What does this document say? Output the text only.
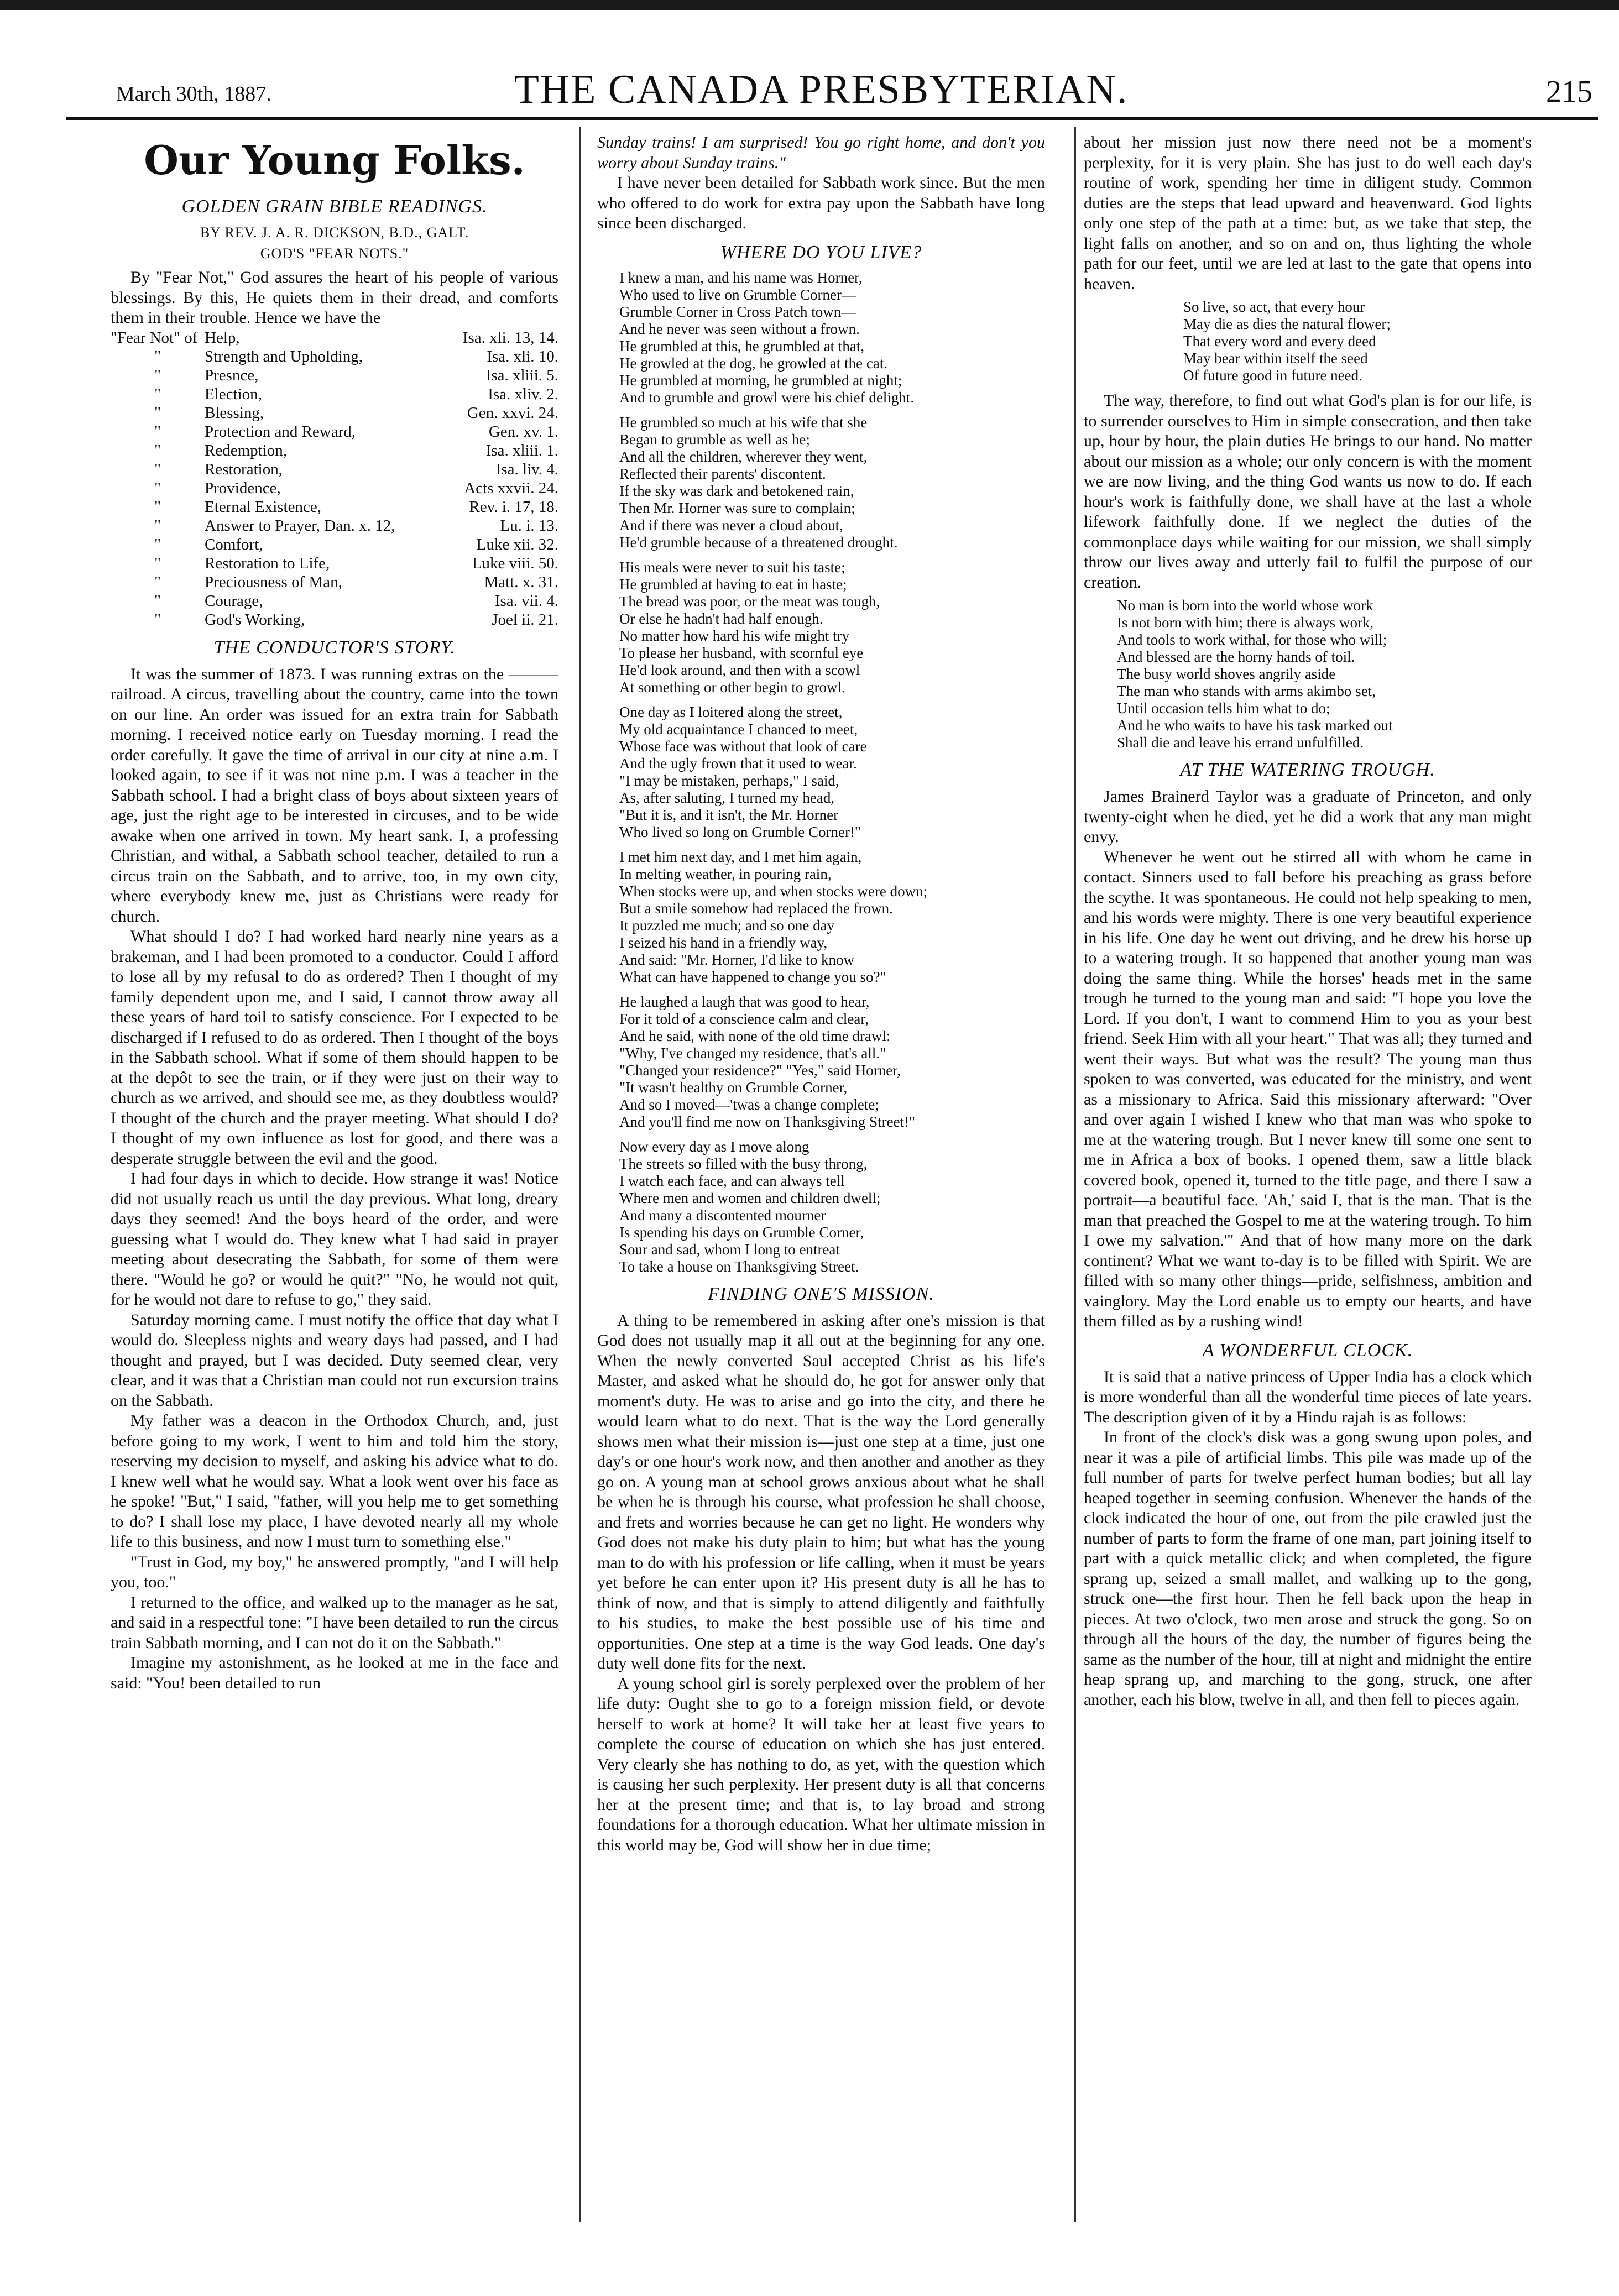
March 30th, 1887.	THE CANADA PRESBYTERIAN.	215
Our Young Folks.
GOLDEN GRAIN BIBLE READINGS.
BY REV. J. A. R. DICKSON, B.D., GALT.
GOD'S "FEAR NOTS."

By "Fear Not," God assures the heart of his people of various blessings. By this, He quiets them in their dread, and comforts them in their trouble. Hence we have the

"Fear Not" of	Help,	Isa. xli. 13, 14.
"	Strength and Upholding,	Isa. xli. 10.
"	Presnce,	Isa. xliii. 5.
"	Election,	Isa. xliv. 2.
"	Blessing,	Gen. xxvi. 24.
"	Protection and Reward,	Gen. xv. 1.
"	Redemption,	Isa. xliii. 1.
"	Restoration,	Isa. liv. 4.
"	Providence,	Acts xxvii. 24.
"	Eternal Existence,	Rev. i. 17, 18.
"	Answer to Prayer, Dan. x. 12,	Lu. i. 13.
"	Comfort,	Luke xii. 32.
"	Restoration to Life,	Luke viii. 50.
"	Preciousness of Man,	Matt. x. 31.
"	Courage,	Isa. vii. 4.
"	God's Working,	Joel ii. 21.
THE CONDUCTOR'S STORY.

It was the summer of 1873. I was running extras on the ——— railroad. A circus, travelling about the country, came into the town on our line. An order was issued for an extra train for Sabbath morning. I received notice early on Tuesday morning. I read the order carefully. It gave the time of arrival in our city at nine a.m. I looked again, to see if it was not nine p.m. I was a teacher in the Sabbath school. I had a bright class of boys about sixteen years of age, just the right age to be interested in circuses, and to be wide awake when one arrived in town. My heart sank. I, a professing Christian, and withal, a Sabbath school teacher, detailed to run a circus train on the Sabbath, and to arrive, too, in my own city, where everybody knew me, just as Christians were ready for church.

What should I do? I had worked hard nearly nine years as a brakeman, and I had been promoted to a conductor. Could I afford to lose all by my refusal to do as ordered? Then I thought of my family dependent upon me, and I said, I cannot throw away all these years of hard toil to satisfy conscience. For I expected to be discharged if I refused to do as ordered. Then I thought of the boys in the Sabbath school. What if some of them should happen to be at the depôt to see the train, or if they were just on their way to church as we arrived, and should see me, as they doubtless would? I thought of the church and the prayer meeting. What should I do? I thought of my own influence as lost for good, and there was a desperate struggle between the evil and the good.

I had four days in which to decide. How strange it was! Notice did not usually reach us until the day previous. What long, dreary days they seemed! And the boys heard of the order, and were guessing what I would do. They knew what I had said in prayer meeting about desecrating the Sabbath, for some of them were there. "Would he go? or would he quit?" "No, he would not quit, for he would not dare to refuse to go," they said.

Saturday morning came. I must notify the office that day what I would do. Sleepless nights and weary days had passed, and I had thought and prayed, but I was decided. Duty seemed clear, very clear, and it was that a Christian man could not run excursion trains on the Sabbath.

My father was a deacon in the Orthodox Church, and, just before going to my work, I went to him and told him the story, reserving my decision to myself, and asking his advice what to do. I knew well what he would say. What a look went over his face as he spoke! "But," I said, "father, will you help me to get something to do? I shall lose my place, I have devoted nearly all my whole life to this business, and now I must turn to something else."

"Trust in God, my boy," he answered promptly, "and I will help you, too."

I returned to the office, and walked up to the manager as he sat, and said in a respectful tone: "I have been detailed to run the circus train Sabbath morning, and I can not do it on the Sabbath."

Imagine my astonishment, as he looked at me in the face and said: "You! been detailed to run

Sunday trains! I am surprised! You go right home, and don't you worry about Sunday trains."

I have never been detailed for Sabbath work since. But the men who offered to do work for extra pay upon the Sabbath have long since been discharged.

WHERE DO YOU LIVE?
I knew a man, and his name was Horner,
Who used to live on Grumble Corner—
Grumble Corner in Cross Patch town—
And he never was seen without a frown.
He grumbled at this, he grumbled at that,
He growled at the dog, he growled at the cat.
He grumbled at morning, he grumbled at night;
And to grumble and growl were his chief delight.
He grumbled so much at his wife that she
Began to grumble as well as he;
And all the children, wherever they went,
Reflected their parents' discontent.
If the sky was dark and betokened rain,
Then Mr. Horner was sure to complain;
And if there was never a cloud about,
He'd grumble because of a threatened drought.
His meals were never to suit his taste;
He grumbled at having to eat in haste;
The bread was poor, or the meat was tough,
Or else he hadn't had half enough.
No matter how hard his wife might try
To please her husband, with scornful eye
He'd look around, and then with a scowl
At something or other begin to growl.
One day as I loitered along the street,
My old acquaintance I chanced to meet,
Whose face was without that look of care
And the ugly frown that it used to wear.
"I may be mistaken, perhaps," I said,
As, after saluting, I turned my head,
"But it is, and it isn't, the Mr. Horner
Who lived so long on Grumble Corner!"
I met him next day, and I met him again,
In melting weather, in pouring rain,
When stocks were up, and when stocks were down;
But a smile somehow had replaced the frown.
It puzzled me much; and so one day
I seized his hand in a friendly way,
And said: "Mr. Horner, I'd like to know
What can have happened to change you so?"
He laughed a laugh that was good to hear,
For it told of a conscience calm and clear,
And he said, with none of the old time drawl:
"Why, I've changed my residence, that's all."
"Changed your residence?" "Yes," said Horner,
"It wasn't healthy on Grumble Corner,
And so I moved—'twas a change complete;
And you'll find me now on Thanksgiving Street!"
Now every day as I move along
The streets so filled with the busy throng,
I watch each face, and can always tell
Where men and women and children dwell;
And many a discontented mourner
Is spending his days on Grumble Corner,
Sour and sad, whom I long to entreat
To take a house on Thanksgiving Street.
FINDING ONE'S MISSION.

A thing to be remembered in asking after one's mission is that God does not usually map it all out at the beginning for any one. When the newly converted Saul accepted Christ as his life's Master, and asked what he should do, he got for answer only that moment's duty. He was to arise and go into the city, and there he would learn what to do next. That is the way the Lord generally shows men what their mission is—just one step at a time, just one day's or one hour's work now, and then another and another as they go on. A young man at school grows anxious about what he shall be when he is through his course, what profession he shall choose, and frets and worries because he can get no light. He wonders why God does not make his duty plain to him; but what has the young man to do with his profession or life calling, when it must be years yet before he can enter upon it? His present duty is all he has to think of now, and that is simply to attend diligently and faithfully to his studies, to make the best possible use of his time and opportunities. One step at a time is the way God leads. One day's duty well done fits for the next.

A young school girl is sorely perplexed over the problem of her life duty: Ought she to go to a foreign mission field, or devote herself to work at home? It will take her at least five years to complete the course of education on which she has just entered. Very clearly she has nothing to do, as yet, with the question which is causing her such perplexity. Her present duty is all that concerns her at the present time; and that is, to lay broad and strong foundations for a thorough education. What her ultimate mission in this world may be, God will show her in due time;

about her mission just now there need not be a moment's perplexity, for it is very plain. She has just to do well each day's routine of work, spending her time in diligent study. Common duties are the steps that lead upward and heavenward. God lights only one step of the path at a time: but, as we take that step, the light falls on another, and so on and on, thus lighting the whole path for our feet, until we are led at last to the gate that opens into heaven.

So live, so act, that every hour
May die as dies the natural flower;
That every word and every deed
May bear within itself the seed
Of future good in future need.

The way, therefore, to find out what God's plan is for our life, is to surrender ourselves to Him in simple consecration, and then take up, hour by hour, the plain duties He brings to our hand. No matter about our mission as a whole; our only concern is with the moment we are now living, and the thing God wants us now to do. If each hour's work is faithfully done, we shall have at the last a whole lifework faithfully done. If we neglect the duties of the commonplace days while waiting for our mission, we shall simply throw our lives away and utterly fail to fulfil the purpose of our creation.

No man is born into the world whose work
Is not born with him; there is always work,
And tools to work withal, for those who will;
And blessed are the horny hands of toil.
The busy world shoves angrily aside
The man who stands with arms akimbo set,
Until occasion tells him what to do;
And he who waits to have his task marked out
Shall die and leave his errand unfulfilled.
AT THE WATERING TROUGH.

James Brainerd Taylor was a graduate of Princeton, and only twenty-eight when he died, yet he did a work that any man might envy.

Whenever he went out he stirred all with whom he came in contact. Sinners used to fall before his preaching as grass before the scythe. It was spontaneous. He could not help speaking to men, and his words were mighty. There is one very beautiful experience in his life. One day he went out driving, and he drew his horse up to a watering trough. It so happened that another young man was doing the same thing. While the horses' heads met in the same trough he turned to the young man and said: "I hope you love the Lord. If you don't, I want to commend Him to you as your best friend. Seek Him with all your heart." That was all; they turned and went their ways. But what was the result? The young man thus spoken to was converted, was educated for the ministry, and went as a missionary to Africa. Said this missionary afterward: "Over and over again I wished I knew who that man was who spoke to me at the watering trough. But I never knew till some one sent to me in Africa a box of books. I opened them, saw a little black covered book, opened it, turned to the title page, and there I saw a portrait—a beautiful face. 'Ah,' said I, that is the man. That is the man that preached the Gospel to me at the watering trough. To him I owe my salvation.'" And that of how many more on the dark continent? What we want to-day is to be filled with Spirit. We are filled with so many other things—pride, selfishness, ambition and vainglory. May the Lord enable us to empty our hearts, and have them filled as by a rushing wind!

A WONDERFUL CLOCK.

It is said that a native princess of Upper India has a clock which is more wonderful than all the wonderful time pieces of late years. The description given of it by a Hindu rajah is as follows:

In front of the clock's disk was a gong swung upon poles, and near it was a pile of artificial limbs. This pile was made up of the full number of parts for twelve perfect human bodies; but all lay heaped together in seeming confusion. Whenever the hands of the clock indicated the hour of one, out from the pile crawled just the number of parts to form the frame of one man, part joining itself to part with a quick metallic click; and when completed, the figure sprang up, seized a small mallet, and walking up to the gong, struck one—the first hour. Then he fell back upon the heap in pieces. At two o'clock, two men arose and struck the gong. So on through all the hours of the day, the number of figures being the same as the number of the hour, till at night and midnight the entire heap sprang up, and marching to the gong, struck, one after another, each his blow, twelve in all, and then fell to pieces again.
